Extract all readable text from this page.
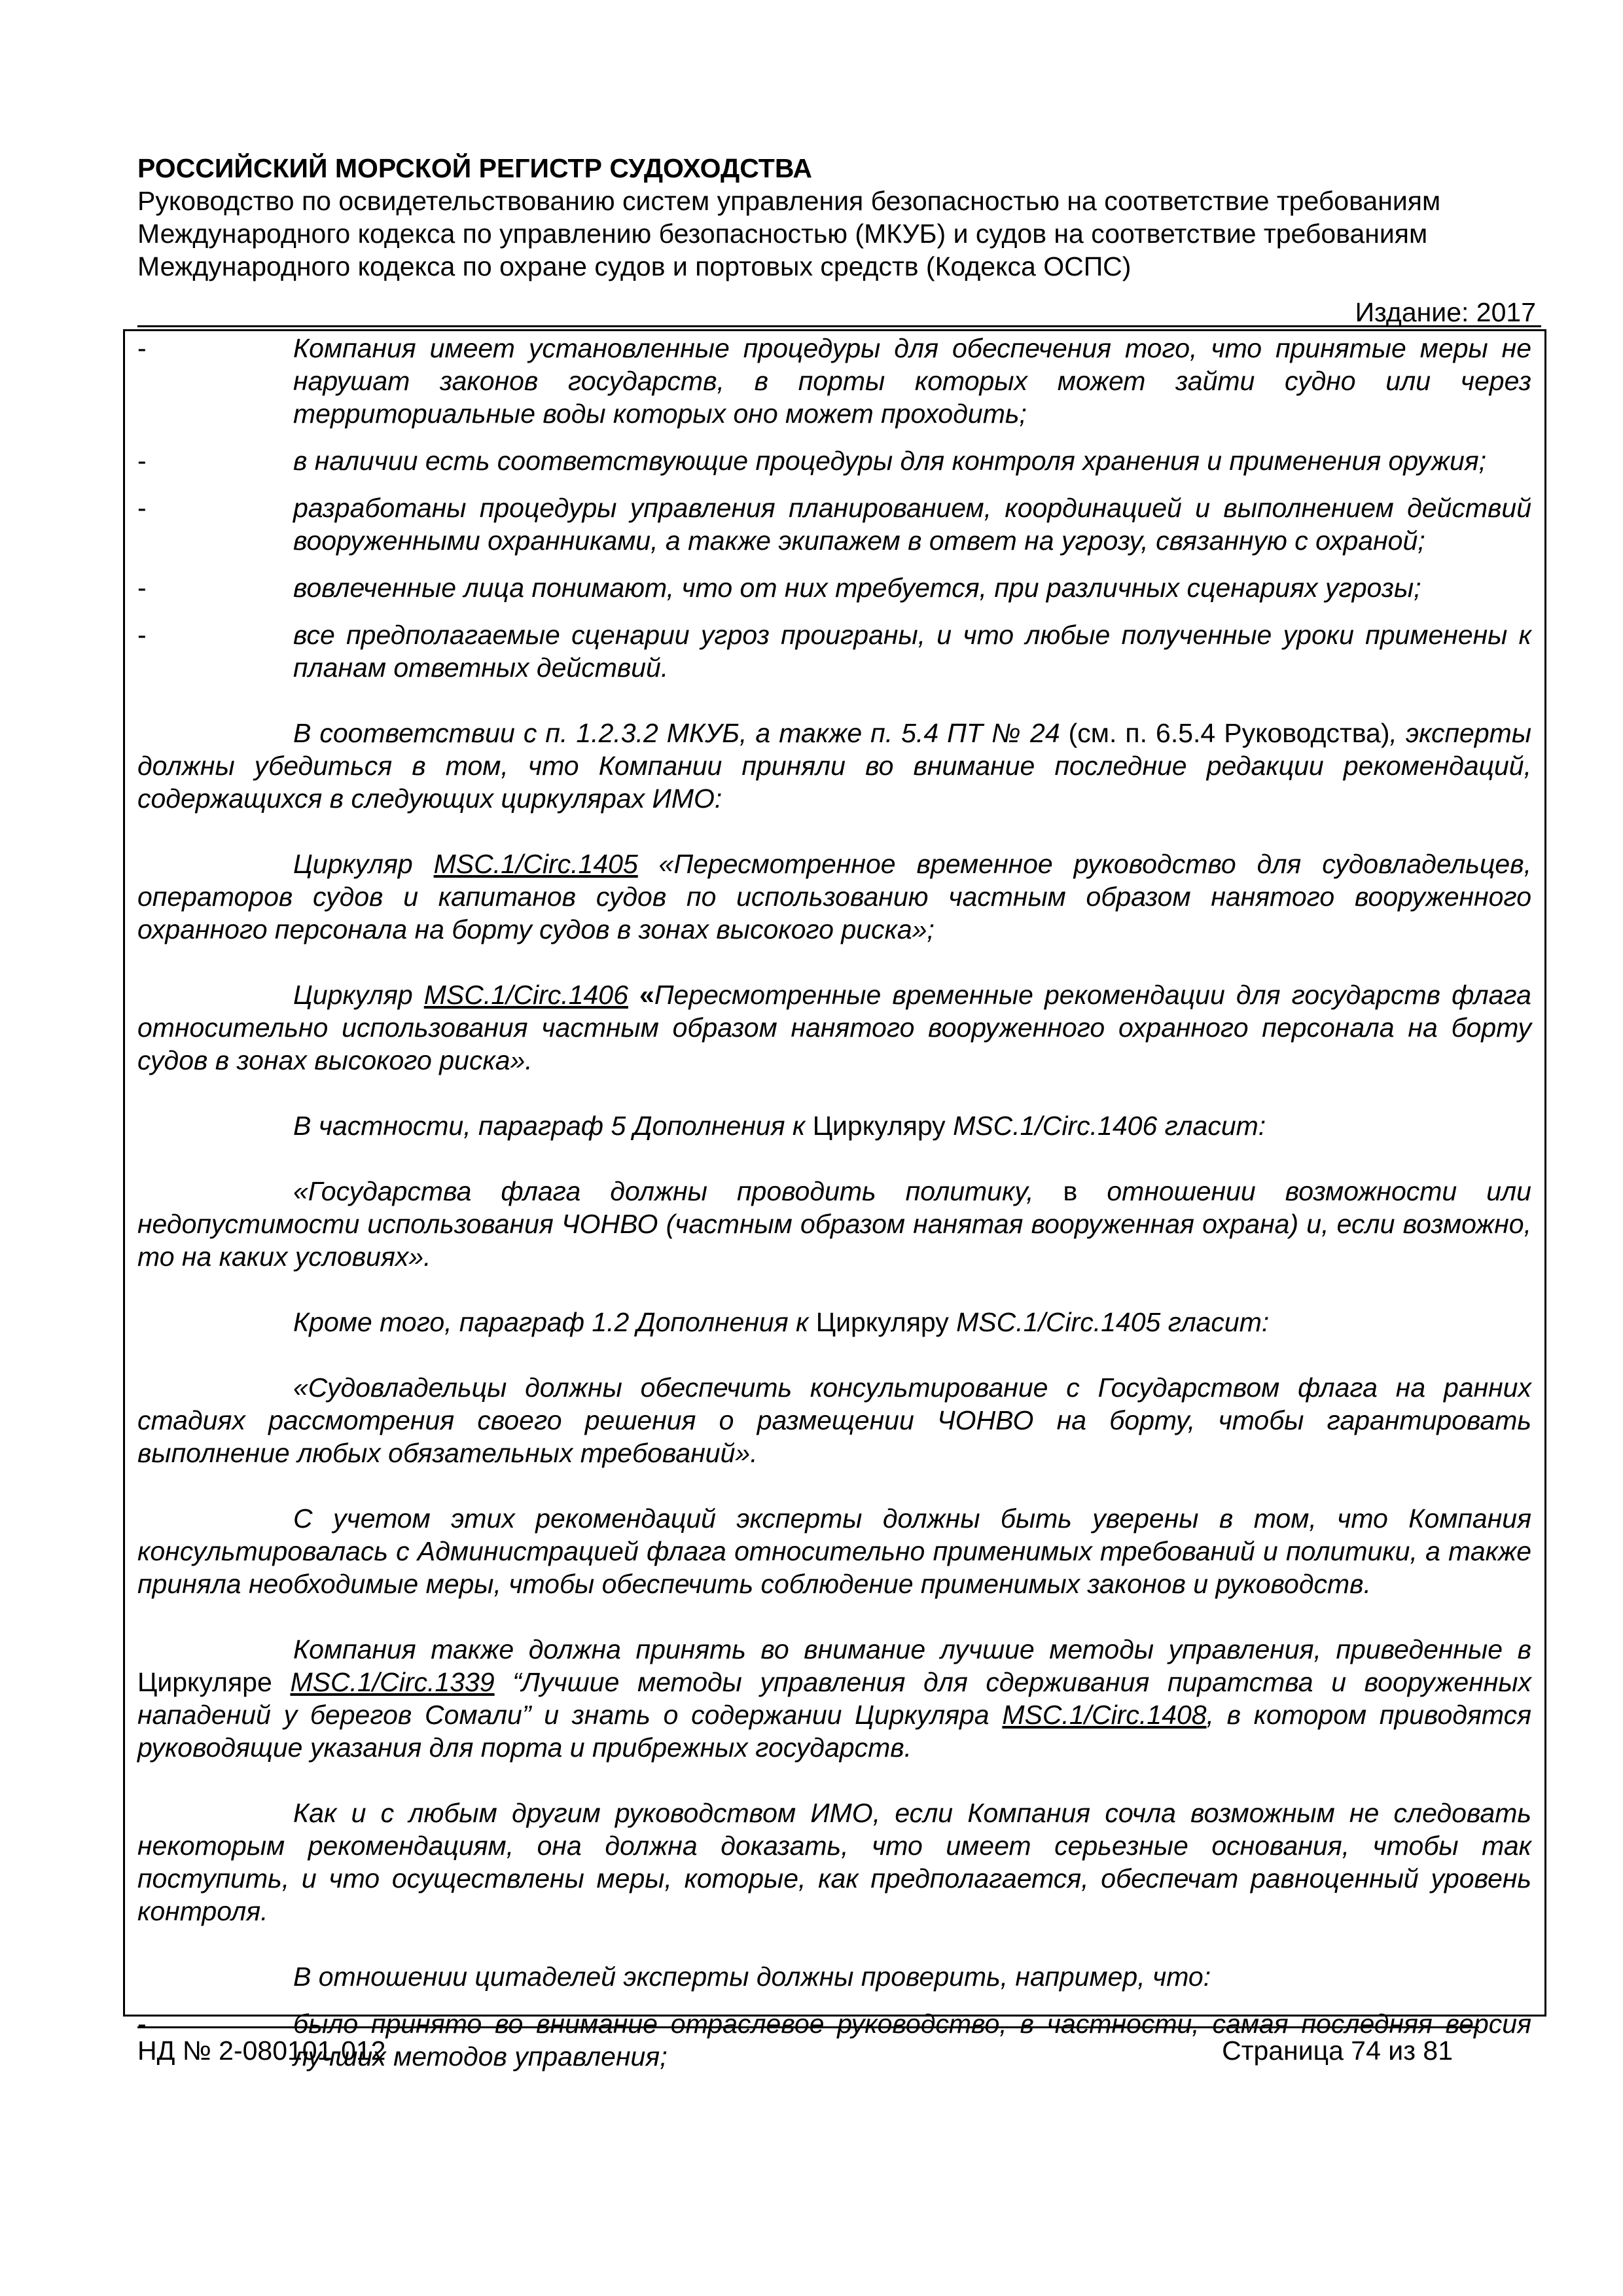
РОССИЙСКИЙ МОРСКОЙ РЕГИСТР СУДОХОДСТВА
Руководство по освидетельствованию систем управления безопасностью на соответствие требованиям
Международного кодекса по управлению безопасностью (МКУБ) и судов на соответствие требованиям
Международного кодекса по охране судов и портовых средств (Кодекса ОСПС)
Издание: 2017
-	Компания имеет установленные процедуры для обеспечения того, что принятые меры не нарушат законов государств, в порты которых может зайти судно или через территориальные воды которых оно может проходить;
-	в наличии есть соответствующие процедуры для контроля хранения и применения оружия;
-	разработаны процедуры управления планированием, координацией и выполнением действий вооруженными охранниками, а также экипажем в ответ на угрозу, связанную с охраной;
-	вовлеченные лица понимают, что от них требуется, при различных сценариях угрозы;
-	все предполагаемые сценарии угроз проиграны, и что любые полученные уроки применены к планам ответных действий.

В соответствии с п. 1.2.3.2 МКУБ, а также п. 5.4 ПТ № 24 (см. п. 6.5.4 Руководства), эксперты должны убедиться в том, что Компании приняли во внимание последние редакции рекомендаций, содержащихся в следующих циркулярах ИМО:

Циркуляр MSC.1/Circ.1405 «Пересмотренное временное руководство для судовладельцев, операторов судов и капитанов судов по использованию частным образом нанятого вооруженного охранного персонала на борту судов в зонах высокого риска»;

Циркуляр MSC.1/Circ.1406 «Пересмотренные временные рекомендации для государств флага относительно использования частным образом нанятого вооруженного охранного персонала на борту судов в зонах высокого риска».

В частности, параграф 5 Дополнения к Циркуляру MSC.1/Circ.1406 гласит:

«Государства флага должны проводить политику, в отношении возможности или недопустимости использования ЧОНВО (частным образом нанятая вооруженная охрана) и, если возможно, то на каких условиях».

Кроме того, параграф 1.2 Дополнения к Циркуляру MSC.1/Circ.1405 гласит:

«Судовладельцы должны обеспечить консультирование с Государством флага на ранних стадиях рассмотрения своего решения о размещении ЧОНВО на борту, чтобы гарантировать выполнение любых обязательных требований».

С учетом этих рекомендаций эксперты должны быть уверены в том, что Компания консультировалась с Администрацией флага относительно применимых требований и политики, а также приняла необходимые меры, чтобы обеспечить соблюдение применимых законов и руководств.

Компания также должна принять во внимание лучшие методы управления, приведенные в Циркуляре MSC.1/Circ.1339 “Лучшие методы управления для сдерживания пиратства и вооруженных нападений у берегов Сомали” и знать о содержании Циркуляра MSC.1/Circ.1408, в котором приводятся руководящие указания для порта и прибрежных государств.

Как и с любым другим руководством ИМО, если Компания сочла возможным не следовать некоторым рекомендациям, она должна доказать, что имеет серьезные основания, чтобы так поступить, и что осуществлены меры, которые, как предполагается, обеспечат равноценный уровень контроля.

В отношении цитаделей эксперты должны проверить, например, что:

-	было принято во внимание отраслевое руководство, в частности, самая последняя версия лучших методов управления;
НД № 2-080101-012	Страница 74 из 81
